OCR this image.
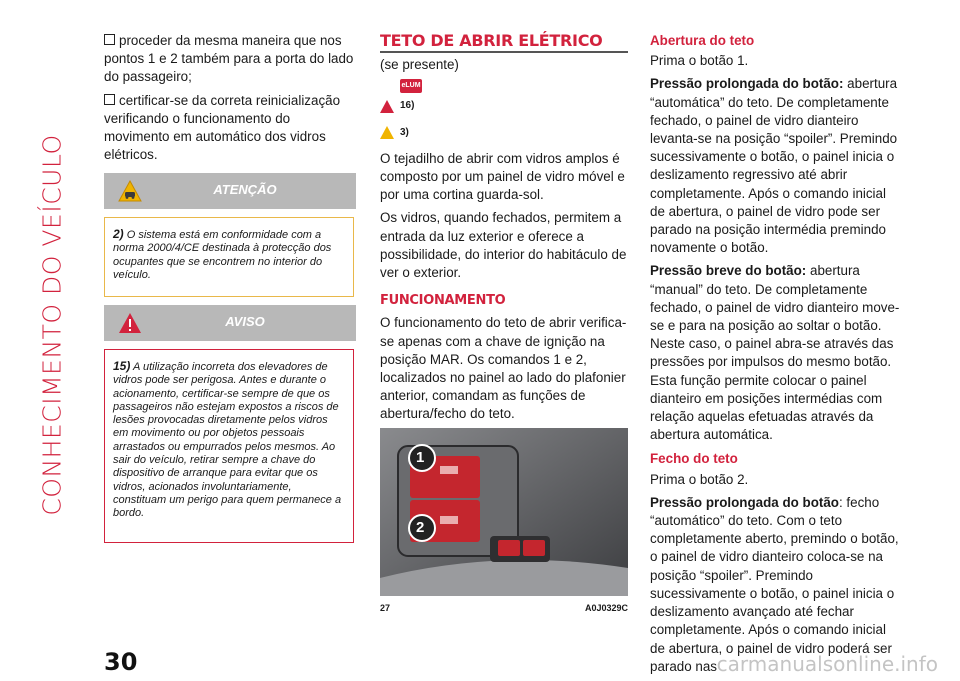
CONHECIMENTO DO VEÍCULO

proceder da mesma maneira que nos pontos 1 e 2 também para a porta do lado do passageiro;

certificar-se da correta reinicialização verificando o funcionamento do movimento em automático dos vidros elétricos.

ATENÇÃO
2) O sistema está em conformidade com a norma 2000/4/CE destinada à protecção dos ocupantes que se encontrem no interior do veículo.
AVISO
15) A utilização incorreta dos elevadores de vidros pode ser perigosa. Antes e durante o acionamento, certificar-se sempre de que os passageiros não estejam expostos a riscos de lesões provocadas diretamente pelos vidros em movimento ou por objetos pessoais arrastados ou empurrados pelos mesmos. Ao sair do veículo, retirar sempre a chave do dispositivo de arranque para evitar que os vidros, acionados involuntariamente, constituam um perigo para quem permanece a bordo.
TETO DE ABRIR ELÉTRICO

(se presente)

eLUM
16)
3)

O tejadilho de abrir com vidros amplos é composto por um painel de vidro móvel e por uma cortina guarda-sol.

Os vidros, quando fechados, permitem a entrada da luz exterior e oferece a possibilidade, do interior do habitáculo de ver o exterior.

FUNCIONAMENTO

O funcionamento do teto de abrir verifica-se apenas com a chave de ignição na posição MAR. Os comandos 1 e 2, localizados no painel ao lado do plafonier anterior, comandam as funções de abertura/fecho do teto.

1
2
27	A0J0329C
Abertura do teto

Prima o botão 1.

Pressão prolongada do botão: abertura “automática” do teto. De completamente fechado, o painel de vidro dianteiro levanta-se na posição “spoiler”. Premindo sucessivamente o botão, o painel inicia o deslizamento regressivo até abrir completamente. Após o comando inicial de abertura, o painel de vidro pode ser parado na posição intermédia premindo novamente o botão.

Pressão breve do botão: abertura “manual” do teto. De completamente fechado, o painel de vidro dianteiro move-se e para na posição ao soltar o botão. Neste caso, o painel abra-se através das pressões por impulsos do mesmo botão. Esta função permite colocar o painel dianteiro em posições intermédias com relação aquelas efetuadas através da abertura automática.

Fecho do teto

Prima o botão 2.

Pressão prolongada do botão: fecho “automático” do teto. Com o teto completamente aberto, premindo o botão, o painel de vidro dianteiro coloca-se na posição “spoiler”. Premindo sucessivamente o botão, o painel inicia o deslizamento avançado até fechar completamente. Após o comando inicial de abertura, o painel de vidro poderá ser parado nas

30	carmanualsonline.info
